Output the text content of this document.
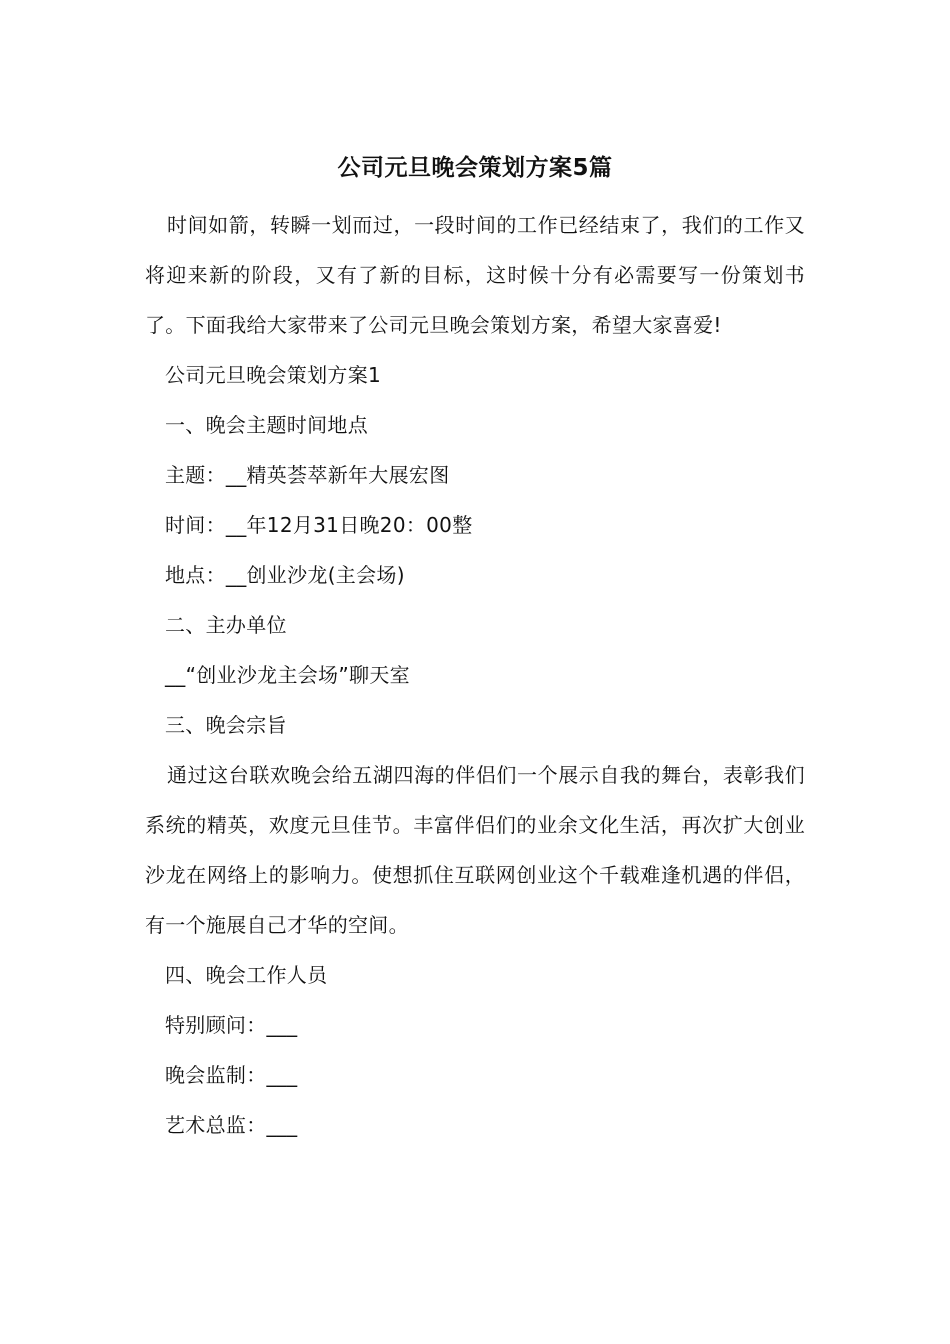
公司元旦晚会策划方案5篇

时间如箭，转瞬一划而过，一段时间的工作已经结束了，我们的工作又将迎来新的阶段，又有了新的目标，这时候十分有必需要写一份策划书了。下面我给大家带来了公司元旦晚会策划方案，希望大家喜爱!

公司元旦晚会策划方案1

一、晚会主题时间地点

主题：__精英荟萃新年大展宏图

时间：__年12月31日晚20：00整

地点：__创业沙龙(主会场)

二、主办单位

__“创业沙龙主会场”聊天室

三、晚会宗旨

通过这台联欢晚会给五湖四海的伴侣们一个展示自我的舞台，表彰我们系统的精英，欢度元旦佳节。丰富伴侣们的业余文化生活，再次扩大创业沙龙在网络上的影响力。使想抓住互联网创业这个千载难逢机遇的伴侣，有一个施展自己才华的空间。

四、晚会工作人员

特别顾问：___

晚会监制：___

艺术总监：___
